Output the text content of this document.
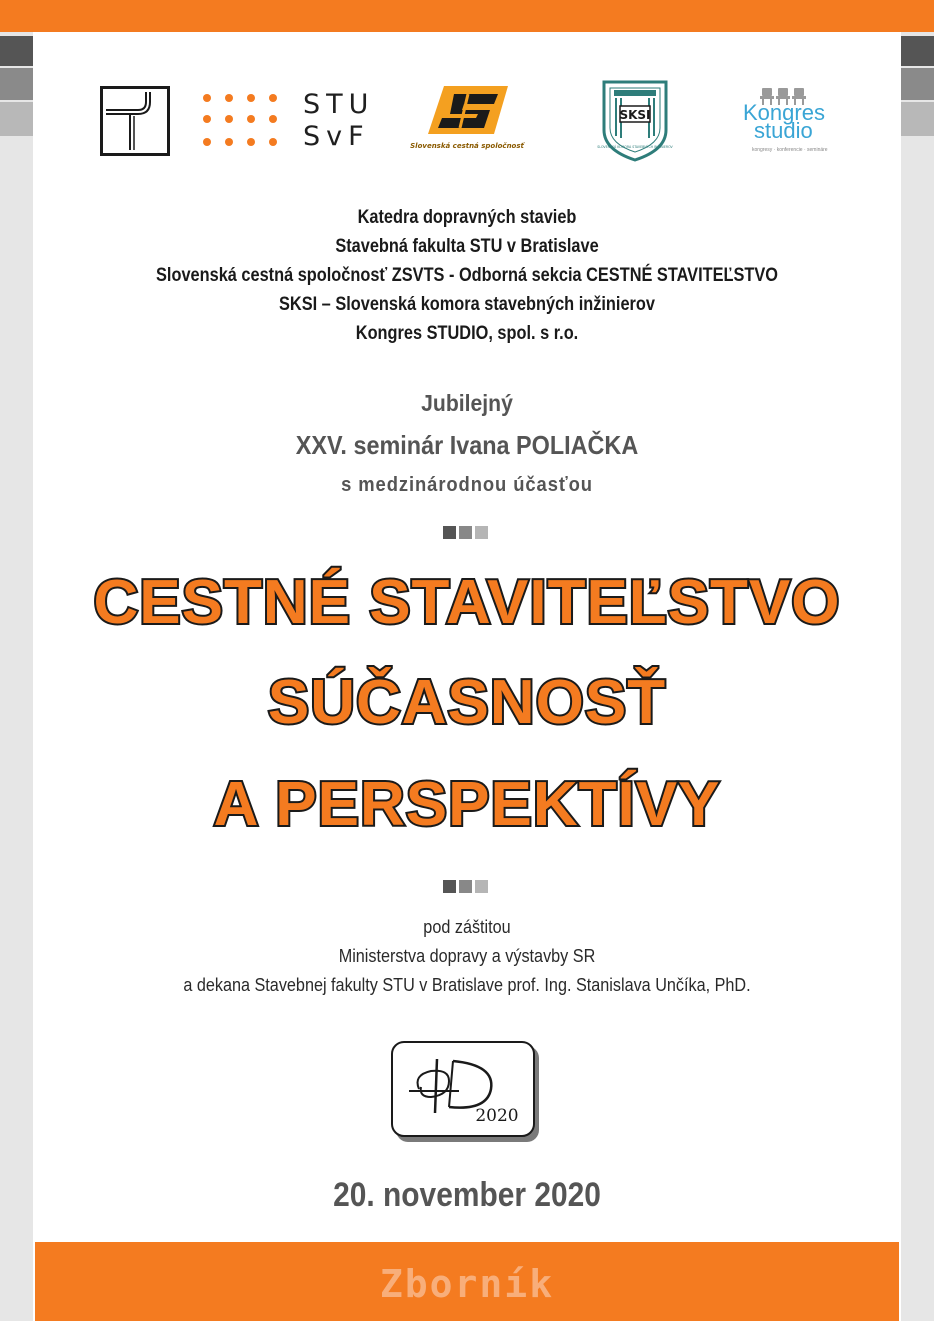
STU
SvF	Slovenská cestná spoločnosť
SKSI
SLOVENSKÁ KOMORA STAVEBNÝCH INŽINIEROV
Kongres
studio
kongresy · konferencie · semináre
Katedra dopravných stavieb
Stavebná fakulta STU v Bratislave
Slovenská cestná spoločnosť ZSVTS - Odborná sekcia CESTNÉ STAVITEĽSTVO
SKSI – Slovenská komora stavebných inžinierov
Kongres STUDIO, spol. s r.o.
Jubilejný
XXV. seminár Ivana POLIAČKA
s medzinárodnou účasťou
CESTNÉ STAVITEĽSTVO
SÚČASNOSŤ
A PERSPEKTÍVY
pod záštitou
Ministerstva dopravy a výstavby SR
a dekana Stavebnej fakulty STU v Bratislave prof. Ing. Stanislava Unčíka, PhD.
2020
20. november 2020
Zborník
